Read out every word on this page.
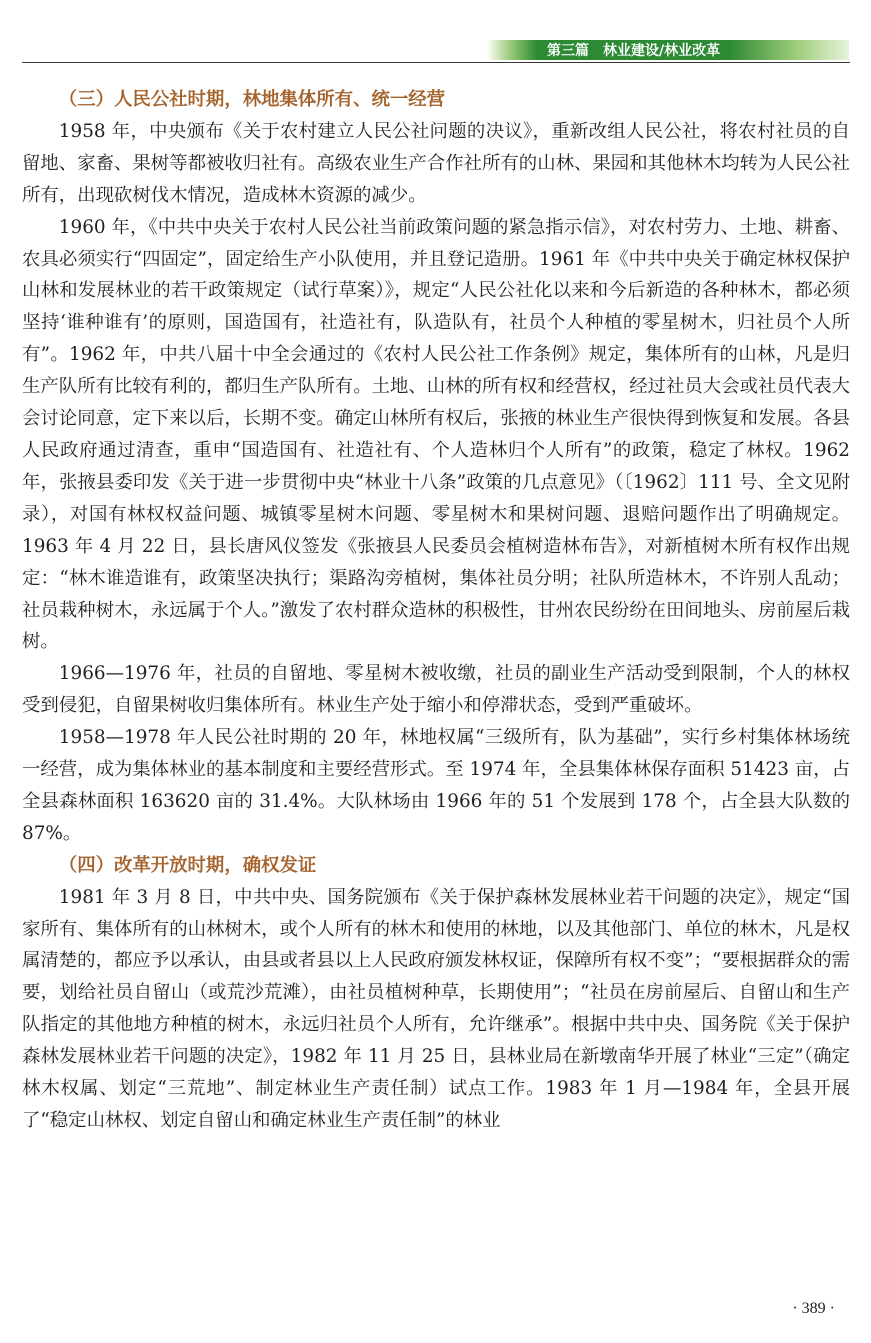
第三篇 林业建设/林业改革
（三）人民公社时期，林地集体所有、统一经营

1958 年，中央颁布《关于农村建立人民公社问题的决议》，重新改组人民公社，将农村社员的自留地、家畜、果树等都被收归社有。高级农业生产合作社所有的山林、果园和其他林木均转为人民公社所有，出现砍树伐木情况，造成林木资源的减少。

1960 年，《中共中央关于农村人民公社当前政策问题的紧急指示信》，对农村劳力、土地、耕畜、农具必须实行“四固定”，固定给生产小队使用，并且登记造册。1961 年《中共中央关于确定林权保护山林和发展林业的若干政策规定（试行草案）》，规定“人民公社化以来和今后新造的各种林木，都必须坚持‘谁种谁有’的原则，国造国有，社造社有，队造队有，社员个人种植的零星树木，归社员个人所有”。1962 年，中共八届十中全会通过的《农村人民公社工作条例》规定，集体所有的山林，凡是归生产队所有比较有利的，都归生产队所有。土地、山林的所有权和经营权，经过社员大会或社员代表大会讨论同意，定下来以后，长期不变。确定山林所有权后，张掖的林业生产很快得到恢复和发展。各县人民政府通过清查，重申“国造国有、社造社有、个人造林归个人所有”的政策，稳定了林权。1962 年，张掖县委印发《关于进一步贯彻中央“林业十八条”政策的几点意见》（〔1962〕111 号、全文见附录），对国有林权权益问题、城镇零星树木问题、零星树木和果树问题、退赔问题作出了明确规定。1963 年 4 月 22 日，县长唐风仪签发《张掖县人民委员会植树造林布告》，对新植树木所有权作出规定：“林木谁造谁有，政策坚决执行；渠路沟旁植树，集体社员分明；社队所造林木，不许别人乱动；社员栽种树木，永远属于个人。”激发了农村群众造林的积极性，甘州农民纷纷在田间地头、房前屋后栽树。

1966—1976 年，社员的自留地、零星树木被收缴，社员的副业生产活动受到限制，个人的林权受到侵犯，自留果树收归集体所有。林业生产处于缩小和停滞状态，受到严重破坏。

1958—1978 年人民公社时期的 20 年，林地权属“三级所有，队为基础”，实行乡村集体林场统一经营，成为集体林业的基本制度和主要经营形式。至 1974 年，全县集体林保存面积 51423 亩，占全县森林面积 163620 亩的 31.4%。大队林场由 1966 年的 51 个发展到 178 个，占全县大队数的 87%。

（四）改革开放时期，确权发证

1981 年 3 月 8 日，中共中央、国务院颁布《关于保护森林发展林业若干问题的决定》，规定“国家所有、集体所有的山林树木，或个人所有的林木和使用的林地，以及其他部门、单位的林木，凡是权属清楚的，都应予以承认，由县或者县以上人民政府颁发林权证，保障所有权不变”；“要根据群众的需要，划给社员自留山（或荒沙荒滩），由社员植树种草，长期使用”；“社员在房前屋后、自留山和生产队指定的其他地方种植的树木，永远归社员个人所有，允许继承”。根据中共中央、国务院《关于保护森林发展林业若干问题的决定》，1982 年 11 月 25 日，县林业局在新墩南华开展了林业“三定”（确定林木权属、划定“三荒地”、制定林业生产责任制）试点工作。1983 年 1 月—1984 年，全县开展了“稳定山林权、划定自留山和确定林业生产责任制”的林业

· 389 ·
